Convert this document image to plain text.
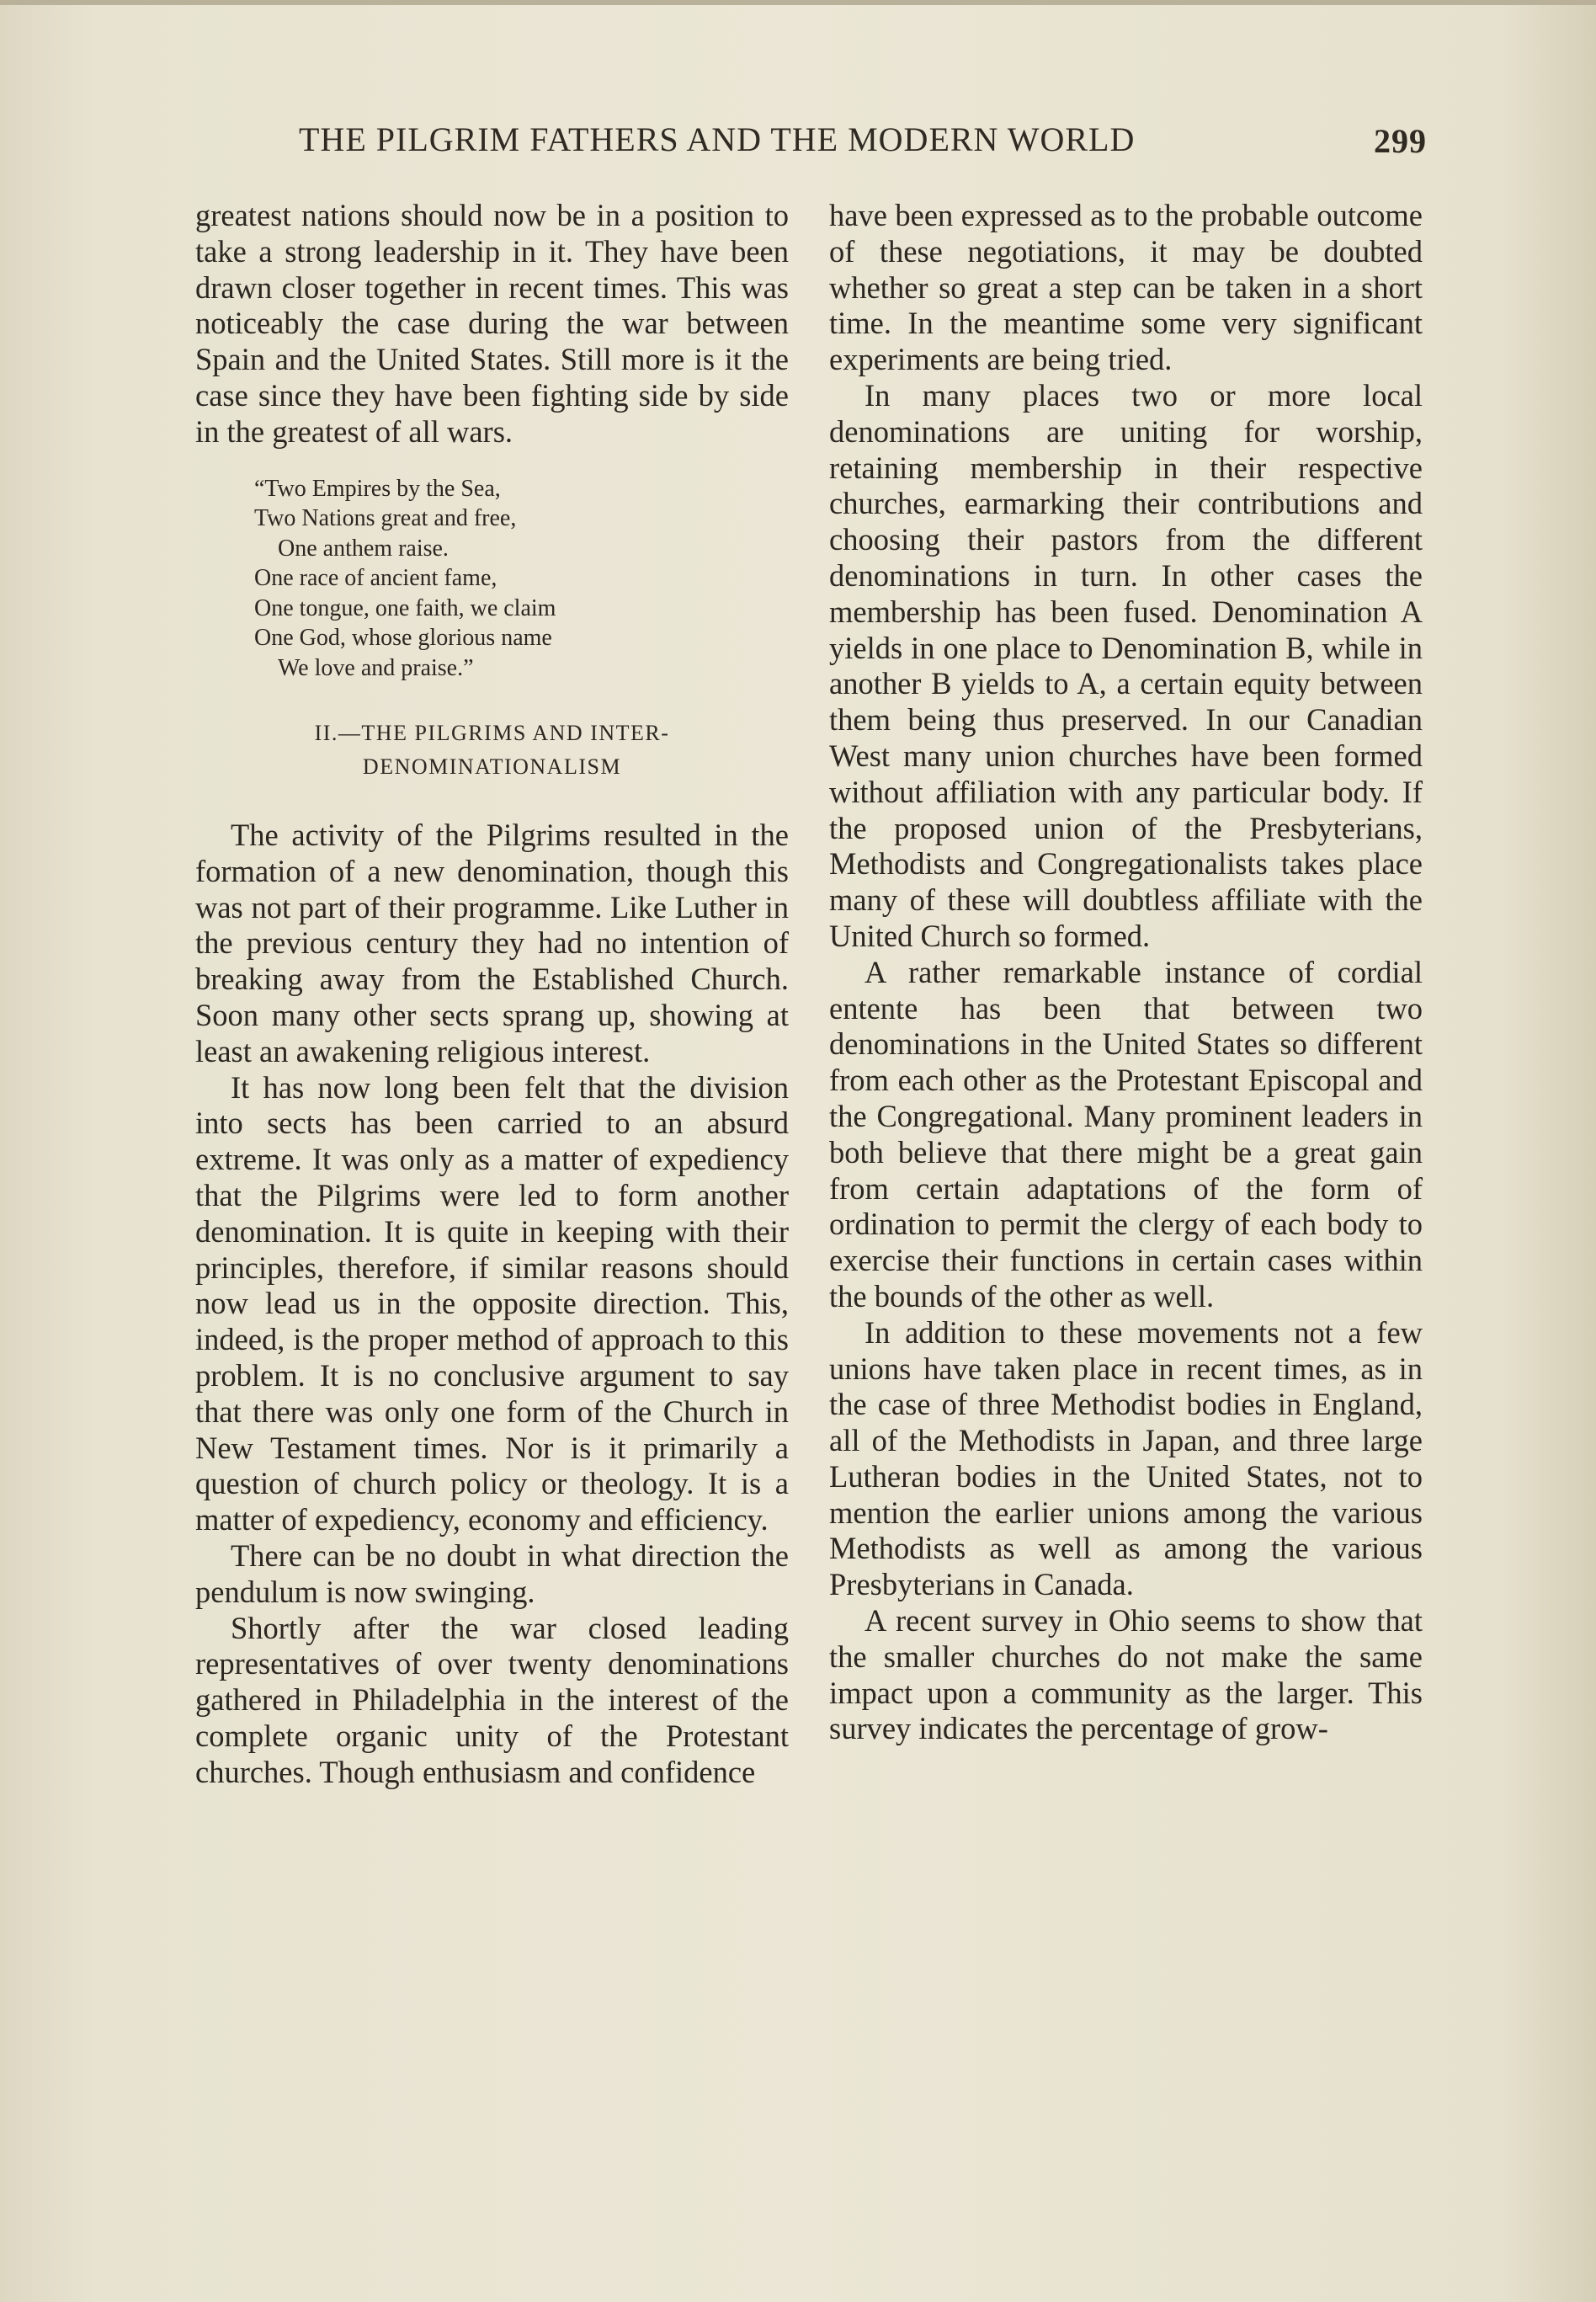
THE PILGRIM FATHERS AND THE MODERN WORLD	299

greatest nations should now be in a position to take a strong leadership in it. They have been drawn closer together in recent times. This was noticeably the case during the war between Spain and the United States. Still more is it the case since they have been fighting side by side in the greatest of all wars.

“Two Empires by the Sea,
Two Nations great and free,
One anthem raise.
One race of ancient fame,
One tongue, one faith, we claim
One God, whose glorious name
We love and praise.”
II.—THE PILGRIMS AND INTER-
DENOMINATIONALISM

The activity of the Pilgrims resulted in the formation of a new denomination, though this was not part of their programme. Like Luther in the previous century they had no intention of breaking away from the Established Church. Soon many other sects sprang up, showing at least an awakening religious interest.

It has now long been felt that the division into sects has been carried to an absurd extreme. It was only as a matter of expediency that the Pilgrims were led to form another denomination. It is quite in keeping with their principles, therefore, if similar reasons should now lead us in the opposite direction. This, indeed, is the proper method of approach to this problem. It is no conclusive argument to say that there was only one form of the Church in New Testament times. Nor is it primarily a question of church policy or theology. It is a matter of expediency, economy and efficiency.

There can be no doubt in what direction the pendulum is now swinging.

Shortly after the war closed leading representatives of over twenty denominations gathered in Philadelphia in the interest of the complete organic unity of the Protestant churches. Though enthusiasm and confidence

have been expressed as to the probable outcome of these negotiations, it may be doubted whether so great a step can be taken in a short time. In the meantime some very significant experiments are being tried.

In many places two or more local denominations are uniting for worship, retaining membership in their respective churches, earmarking their contributions and choosing their pastors from the different denominations in turn. In other cases the membership has been fused. Denomination A yields in one place to Denomination B, while in another B yields to A, a certain equity between them being thus preserved. In our Canadian West many union churches have been formed without affiliation with any particular body. If the proposed union of the Presbyterians, Methodists and Congregationalists takes place many of these will doubtless affiliate with the United Church so formed.

A rather remarkable instance of cordial entente has been that between two denominations in the United States so different from each other as the Protestant Episcopal and the Congregational. Many prominent leaders in both believe that there might be a great gain from certain adaptations of the form of ordination to permit the clergy of each body to exercise their functions in certain cases within the bounds of the other as well.

In addition to these movements not a few unions have taken place in recent times, as in the case of three Methodist bodies in England, all of the Methodists in Japan, and three large Lutheran bodies in the United States, not to mention the earlier unions among the various Methodists as well as among the various Presbyterians in Canada.

A recent survey in Ohio seems to show that the smaller churches do not make the same impact upon a community as the larger. This survey indicates the percentage of grow-
